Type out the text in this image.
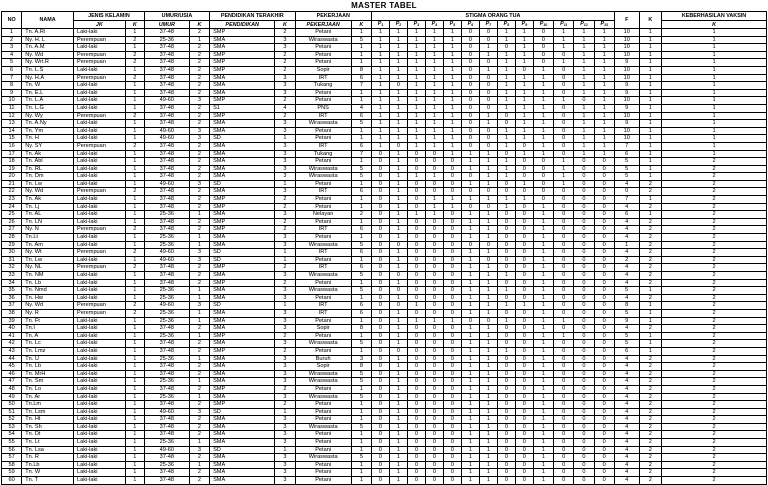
MASTER TABEL
NO	NAMA	JENIS KELAMIN		UMUR/USIA		PENDIDIKAN TERAKHIR		PEKERJAAN		STIGMA ORANG TUA													F	K	KEBERHASILAN VAKSIN
		JK	K	UMUR	K	PENDIDIKAN	K	PEKERJAAN	K	$P_1$	$P_2$	$P_3$	$P_4$	$P_5$	$P_6$	$P_7$	$P_8$	$P_9$	$P_{10}$	$P_{11}$	$P_{12}$	$P_{13}$			K
1	Tn. A.Ri	Laki-laki	1	37-48	2	SMP	2	Petani	1	1	1	1	1	1	0	0	1	1	0	1	1	1	10	1	1
2	Ny. H. L	Perempuan	2	25-36	1	SMA	3	Wiraswasta	5	1	1	1	1	1	0	0	1	1	0	1	1	1	10	1	1
3	Tn. A.M	Laki-laki	1	37-48	2	SMA	3	Petani	1	1	1	1	1	1	0	1	0	1	0	1	1	1	10	1	1
4	Ny. Wd	Perempuan	2	37-48	2	SMP	2	Petani	1	1	1	1	1	1	0	1	1	1	0	0	1	1	10	1	1
5	Ny. Wrt.R	Perempuan	2	37-48	2	SMP	2	Petani	1	1	1	1	1	1	0	0	1	1	0	1	1	1	9	1	1
6	Tn. L.S	Laki-laki	1	37-48	2	SMP	2	Sopir	8	1	1	1	1	1	0	1	1	0	1	0	1	1	10	1	1
7	Ny. H.A	Perempuan	2	37-48	2	SMA	3	IRT	6	1	1	1	1	1	0	0	1	1	1	0	1	1	10	1	1
8	Tn. W	Laki-laki	1	37-48	2	SMA	3	Tukang	7	1	0	1	1	1	0	0	1	1	1	0	1	1	9	1	1
9	Tn. E.L	Laki-laki	1	37-48	2	SMA	3	Petani	1	1	1	1	1	1	0	0	1	1	1	0	1	1	9	1	1
10	Tn. L.A	Laki-laki	1	49-60	3	SMP	2	Petani	1	1	1	1	1	1	0	0	1	1	1	1	0	1	10	1	1
11	Tn. L.G	Laki-laki	1	37-48	2	S1	4	PNS	4	1	1	1	1	1	0	0	1	1	1	0	1	1	9	1	1
12	Ny. Wy	Perempuan	2	37-48	2	SMP	2	IRT	6	1	1	1	1	1	0	1	0	1	1	0	1	1	10	1	1
13	Tn. A.Ny	Laki-laki	1	37-48	2	SMA	3	Wiraswasta	5	1	1	1	1	1	0	1	0	1	1	0	1	1	9	1	1
14	Tn. Ym	Laki-laki	1	49-60	3	SMA	3	Petani	1	1	1	1	1	1	0	0	1	1	1	0	1	1	10	1	1
15	Tn. H	Laki-laki	1	49-60	3	SD	1	Petani	1	1	1	1	1	1	0	0	1	1	1	0	1	1	10	1	1
16	Ny. SY	Perempuan	2	37-48	2	SMA	3	IRT	6	1	0	1	1	1	0	0	1	0	1	0	1	1	7	1	1
17	Tn. Ak	Laki-laki	1	37-48	2	SMA	3	Tukang	7	0	1	0	0	1	1	1	0	1	1	0	1	1	6	1	1
18	Tn. Abl	Laki-laki	1	37-48	2	SMA	3	Petani	1	0	1	0	0	0	1	1	1	0	0	1	0	0	5	1	2
19	Tn. RL	Laki-laki	1	37-48	2	SMA	3	Wiraswasta	5	0	1	0	0	0	1	1	1	0	0	1	0	0	5	1	2
20	Tn. Dm	Laki-laki	1	37-48	2	SMA	3	Wiraswasta	5	0	1	1	1	0	0	1	1	0	0	1	0	0	5	1	2
21	Tn. Lw	Laki-laki	1	49-60	3	SD	1	Petani	1	0	1	0	0	0	1	1	0	1	0	1	0	0	4	2	2
22	Ny. Wd	Perempuan	2	37-48	2	SMA	3	IRT	6	0	1	0	0	0	0	0	0	0	0	0	0	0	0	2	2
23	Tn. Ak	Laki-laki	1	37-48	2	SMP	2	Petani	1	0	1	0	1	1	1	1	1	1	0	0	0	0	7	1	2
24	Tn. Lj	Laki-laki	1	37-48	2	SMP	2	Petani	1	0	1	0	1	1	0	0	1	0	1	0	0	0	4	2	2
25	Tn. AL	Laki-laki	1	25-36	1	SMA	3	Nelayan	2	0	1	1	1	0	1	1	0	0	1	0	0	0	6	1	2
26	Tn. LN	Laki-laki	1	37-48	2	SMP	2	Petani	1	0	1	0	0	0	1	1	0	0	1	0	0	0	4	2	2
27	Ny. N	Perempuan	2	37-48	2	SMP	2	IRT	6	0	1	0	0	0	1	1	0	0	1	0	0	0	4	2	2
28	Tn.Lt	Laki-laki	1	25-36	1	SMA	3	Petani	1	0	1	0	0	0	1	1	0	0	1	0	0	0	4	2	2
29	Tn. Am	Laki-laki	1	25-36	1	SMA	3	Wiraswasta	5	0	0	0	0	0	0	0	0	0	1	0	0	0	1	2	2
30	Ny. Wt	Perempuan	2	49-60	3	SD	1	IRT	6	0	1	0	0	0	1	1	0	0	1	0	0	0	4	2	2
31	Tn. Lw	Laki-laki	1	49-60	3	SD	1	Petani	1	0	1	0	0	0	1	0	0	0	1	0	0	0	2	2	2
32	Ny. NL	Perempuan	2	37-48	2	SMP	2	IRT	6	0	1	0	0	0	1	1	0	0	1	0	0	0	4	2	2
33	Tn. NM	Laki-laki	1	37-48	2	SMA	3	Wiraswasta	5	0	0	0	0	0	1	1	1	0	1	0	0	0	4	2	2
34	Tn. Lb	Laki-laki	1	37-48	2	SMP	2	Petani	1	0	1	0	0	0	1	1	0	0	1	0	0	0	4	2	2
35	Tn. Nmd	Laki-laki	1	25-36	1	SMA	3	Wiraswasta	5	0	0	0	0	0	1	1	1	0	1	0	0	0	5	1	2
36	Tn. Hw	Laki-laki	1	25-36	1	SMA	3	Petani	1	0	1	0	0	0	1	1	0	0	1	0	0	0	4	2	2
37	Ny. Wd	Perempuan	2	49-60	3	SD	1	IRT	6	0	0	1	0	0	1	1	1	1	1	0	0	0	8	1	2
38	Ny. R	Perempuan	2	25-36	1	SMA	3	IRT	6	0	1	0	0	0	1	1	0	0	1	0	0	0	5	1	2
39	Tn. Ft	Laki-laki	1	25-36	1	SMA	3	Petani	1	0	1	1	1	1	0	0	1	0	1	1	0	0	9	1	2
40	Tn.I	Laki-laki	1	37-48	2	SMA	3	Sopir	8	0	1	0	0	0	1	1	0	0	1	0	0	0	4	2	2
41	Tn. A	Laki-laki	1	25-36	1	SMP	2	Petani	1	0	1	0	0	0	1	1	0	0	1	1	0	0	5	1	2
42	Tn. Lc	Laki-laki	1	37-48	2	SMA	3	Wiraswasta	5	0	1	0	0	0	1	1	0	0	1	0	0	0	5	1	2
43	Tn. Lmz	Laki-laki	1	37-48	2	SMP	2	Petani	1	0	0	0	0	0	1	1	1	0	1	0	0	0	6	1	2
44	Tn. U	Laki-laki	1	25-36	1	SMA	3	Buruh	3	0	1	0	0	0	1	1	0	0	1	0	0	0	4	2	2
45	Tn. Lb	Laki-laki	1	37-48	2	SMA	3	Sopir	8	0	1	0	0	0	1	1	0	0	1	0	0	0	4	2	2
46	Tn. MrH	Laki-laki	1	37-48	2	SMA	3	Wiraswasta	5	0	1	0	0	0	1	1	0	0	1	0	0	0	4	2	2
47	Tn. Sm	Laki-laki	1	25-36	1	SMA	3	Wiraswasta	5	0	1	0	0	0	1	1	0	0	1	0	0	0	4	2	2
48	Tn. Lo	Laki-laki	1	37-48	2	SMP	2	Petani	1	0	1	0	0	0	1	1	0	0	1	0	0	0	4	2	2
49	Tn. Ar	Laki-laki	1	25-36	1	SMA	3	Wiraswasta	5	0	1	0	0	0	1	1	0	0	1	0	0	0	4	2	2
50	Tn.Lm	Laki-laki	1	37-48	2	SMP	2	Petani	1	0	1	0	0	0	1	1	0	0	1	0	0	0	4	2	2
51	Tn. Lsm	Laki-laki	1	49-60	3	SD	1	Petani	1	0	1	0	0	0	1	1	0	0	1	0	0	0	4	2	2
52	Tn. Ht	Laki-laki	1	37-48	2	SMA	3	Petani	1	0	1	0	0	0	1	1	0	0	1	0	0	0	4	2	2
53	Tn. Sh	Laki-laki	1	37-48	2	SMA	3	Wiraswasta	5	0	1	0	0	0	1	1	0	0	1	0	0	0	4	2	2
54	Tn. Dt	Laki-laki	1	37-48	2	SMA	3	Petani	1	0	1	0	0	0	1	1	0	0	1	0	0	0	4	2	2
55	Tn. Lt	Laki-laki	1	25-36	1	SMA	3	Petani	1	0	1	0	0	0	1	1	0	0	1	0	0	0	4	2	2
56	Tn. Lsa	Laki-laki	1	49-60	3	SD	1	Petani	1	0	1	0	0	0	1	1	0	0	1	0	0	0	4	2	2
57	Tn. R	Laki-laki	1	37-48	2	SMA	3	Wiraswasta	5	0	1	0	0	0	1	1	0	0	1	0	0	0	4	2	2
58	Tn.Lb	Laki-laki	1	25-36	1	SMA	3	Petani	1	0	1	0	0	0	1	1	0	0	1	0	0	0	4	2	2
59	Tn. W	Laki-laki	1	37-48	2	SMA	3	Petani	1	0	1	0	0	0	1	1	0	0	1	0	0	0	4	2	2
60	Tn. T	Laki-laki	1	37-48	2	SMA	3	Petani	1	0	1	0	0	0	1	1	0	0	1	0	0	0	4	2	2
